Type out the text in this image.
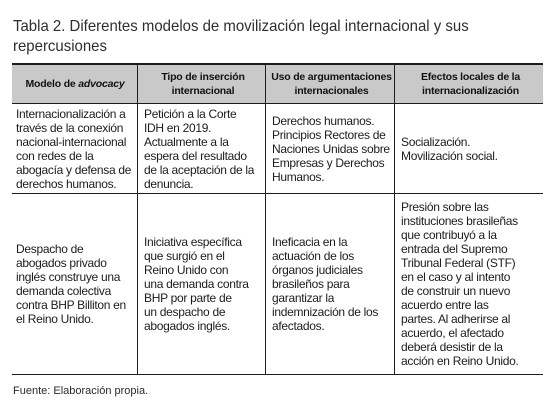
Tabla 2. Diferentes modelos de movilización legal internacional y sus
repercusiones
Modelo de advocacy
Tipo de inserción
internacional
Uso de argumentaciones
internacionales
Efectos locales de la
internacionalización
Internacionalización a
través de la conexión
nacional-internacional
con redes de la
abogacía y defensa de
derechos humanos.
Petición a la Corte
IDH en 2019.
Actualmente a la
espera del resultado
de la aceptación de la
denuncia.
Derechos humanos.
Principios Rectores de
Naciones Unidas sobre
Empresas y Derechos
Humanos.
Socialización.
Movilización social.
Despacho de
abogados privado
inglés construye una
demanda colectiva
contra BHP Billiton en
el Reino Unido.
Iniciativa específica
que surgió en el
Reino Unido con
una demanda contra
BHP por parte de
un despacho de
abogados inglés.
Ineficacia en la
actuación de los
órganos judiciales
brasileños para
garantizar la
indemnización de los
afectados.
Presión sobre las
instituciones brasileñas
que contribuyó a la
entrada del Supremo
Tribunal Federal (STF)
en el caso y al intento
de construir un nuevo
acuerdo entre las
partes. Al adherirse al
acuerdo, el afectado
deberá desistir de la
acción en Reino Unido.
Fuente: Elaboración propia.
